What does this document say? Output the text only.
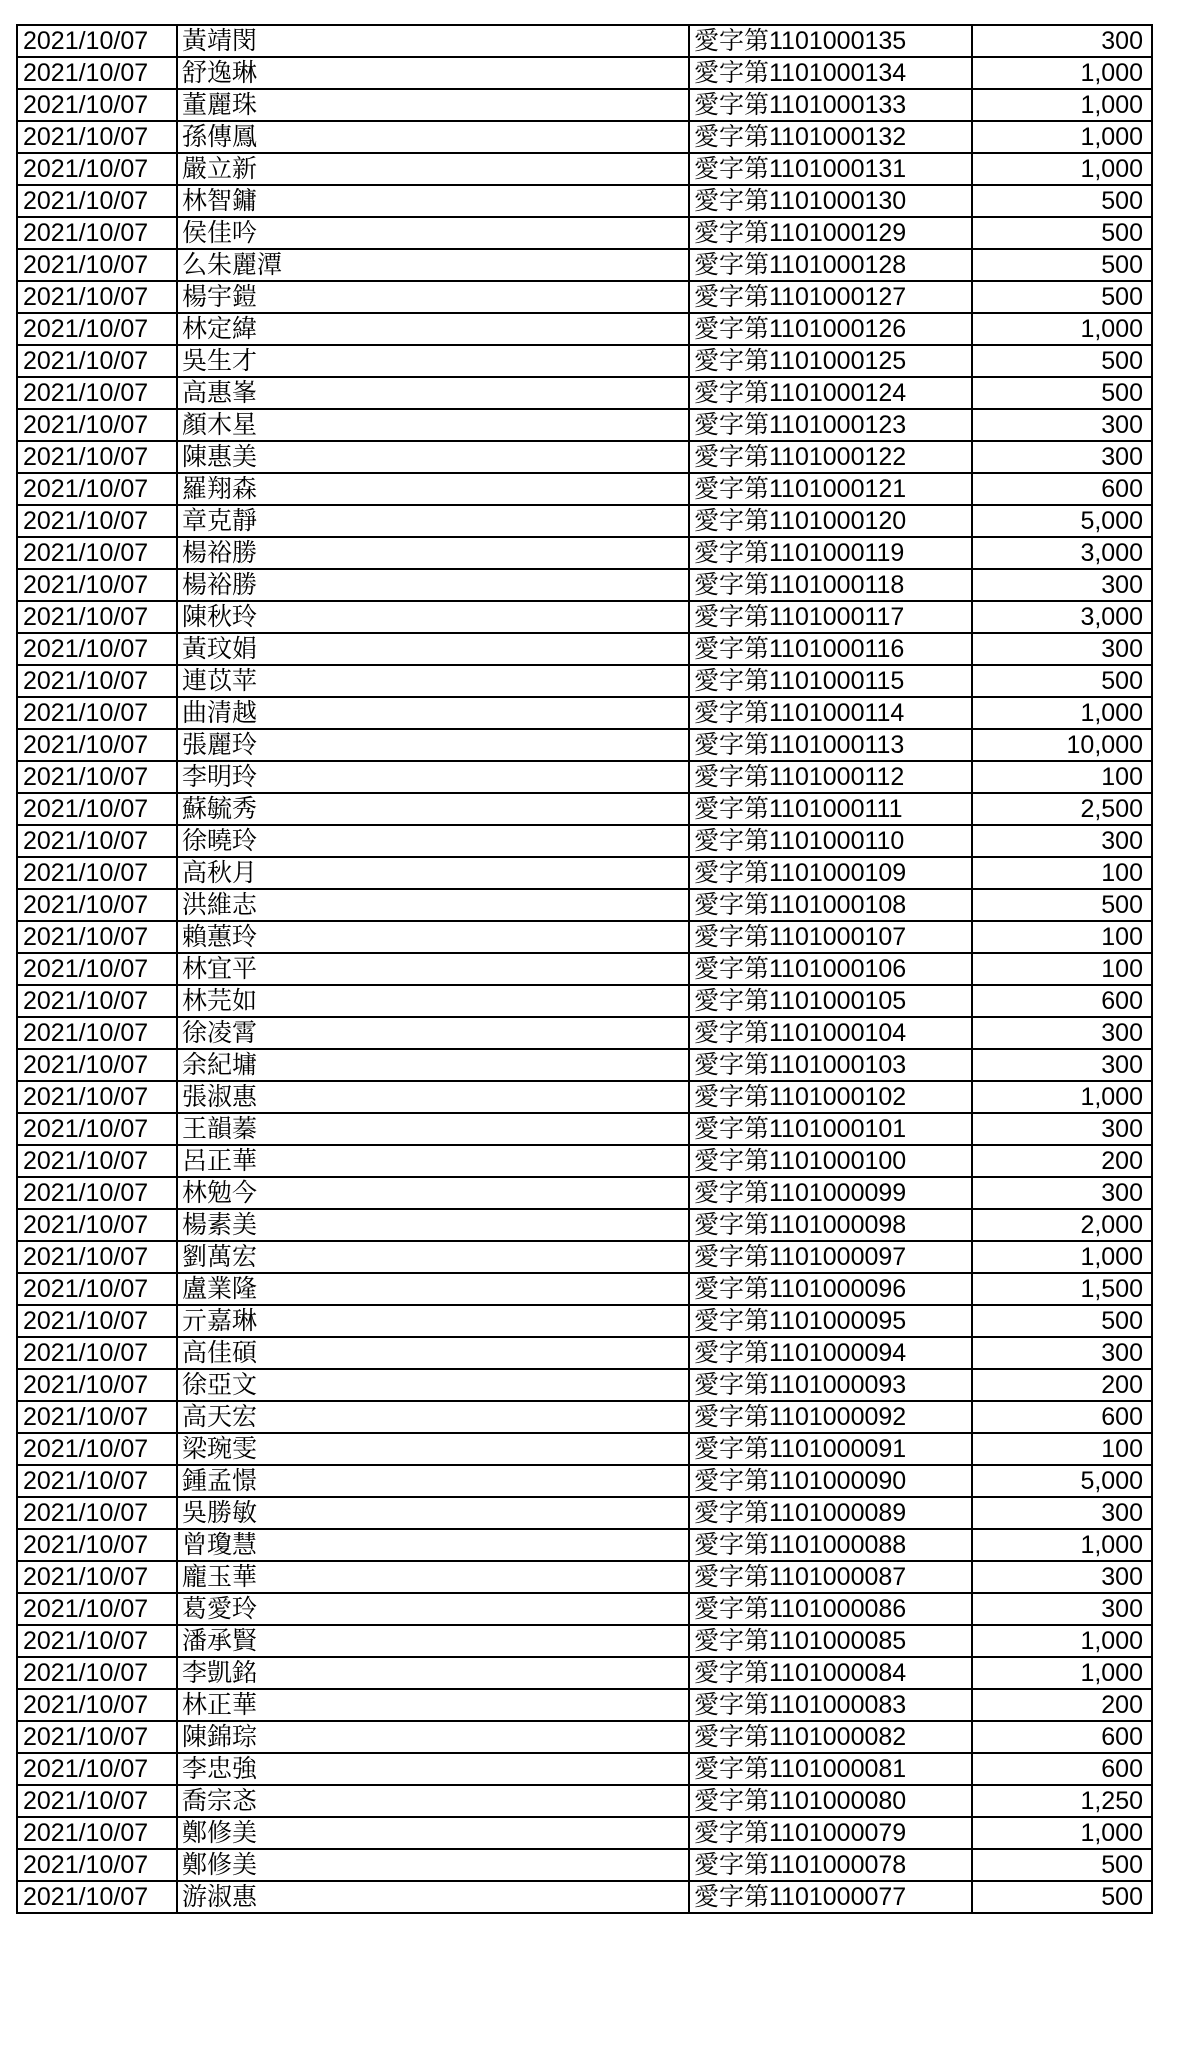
2021/10/07	黃靖閔	愛字第1101000135	300
2021/10/07	舒逸琳	愛字第1101000134	1,000
2021/10/07	董麗珠	愛字第1101000133	1,000
2021/10/07	孫傳鳳	愛字第1101000132	1,000
2021/10/07	嚴立新	愛字第1101000131	1,000
2021/10/07	林智鏞	愛字第1101000130	500
2021/10/07	侯佳吟	愛字第1101000129	500
2021/10/07	么朱麗潭	愛字第1101000128	500
2021/10/07	楊宇鎧	愛字第1101000127	500
2021/10/07	林定緯	愛字第1101000126	1,000
2021/10/07	吳生才	愛字第1101000125	500
2021/10/07	高惠峯	愛字第1101000124	500
2021/10/07	顏木星	愛字第1101000123	300
2021/10/07	陳惠美	愛字第1101000122	300
2021/10/07	羅翔森	愛字第1101000121	600
2021/10/07	章克靜	愛字第1101000120	5,000
2021/10/07	楊裕勝	愛字第1101000119	3,000
2021/10/07	楊裕勝	愛字第1101000118	300
2021/10/07	陳秋玲	愛字第1101000117	3,000
2021/10/07	黃玟娟	愛字第1101000116	300
2021/10/07	連苡苹	愛字第1101000115	500
2021/10/07	曲清越	愛字第1101000114	1,000
2021/10/07	張麗玲	愛字第1101000113	10,000
2021/10/07	李明玲	愛字第1101000112	100
2021/10/07	蘇毓秀	愛字第1101000111	2,500
2021/10/07	徐曉玲	愛字第1101000110	300
2021/10/07	高秋月	愛字第1101000109	100
2021/10/07	洪維志	愛字第1101000108	500
2021/10/07	賴蕙玲	愛字第1101000107	100
2021/10/07	林宜平	愛字第1101000106	100
2021/10/07	林芫如	愛字第1101000105	600
2021/10/07	徐凌霄	愛字第1101000104	300
2021/10/07	余紀墉	愛字第1101000103	300
2021/10/07	張淑惠	愛字第1101000102	1,000
2021/10/07	王韻蓁	愛字第1101000101	300
2021/10/07	呂正華	愛字第1101000100	200
2021/10/07	林勉今	愛字第1101000099	300
2021/10/07	楊素美	愛字第1101000098	2,000
2021/10/07	劉萬宏	愛字第1101000097	1,000
2021/10/07	盧業隆	愛字第1101000096	1,500
2021/10/07	亓嘉琳	愛字第1101000095	500
2021/10/07	高佳碩	愛字第1101000094	300
2021/10/07	徐亞文	愛字第1101000093	200
2021/10/07	高天宏	愛字第1101000092	600
2021/10/07	梁琬雯	愛字第1101000091	100
2021/10/07	鍾孟憬	愛字第1101000090	5,000
2021/10/07	吳勝敏	愛字第1101000089	300
2021/10/07	曾瓊慧	愛字第1101000088	1,000
2021/10/07	龐玉華	愛字第1101000087	300
2021/10/07	葛愛玲	愛字第1101000086	300
2021/10/07	潘承賢	愛字第1101000085	1,000
2021/10/07	李凱銘	愛字第1101000084	1,000
2021/10/07	林正華	愛字第1101000083	200
2021/10/07	陳錦琮	愛字第1101000082	600
2021/10/07	李忠強	愛字第1101000081	600
2021/10/07	喬宗忞	愛字第1101000080	1,250
2021/10/07	鄭修美	愛字第1101000079	1,000
2021/10/07	鄭修美	愛字第1101000078	500
2021/10/07	游淑惠	愛字第1101000077	500
